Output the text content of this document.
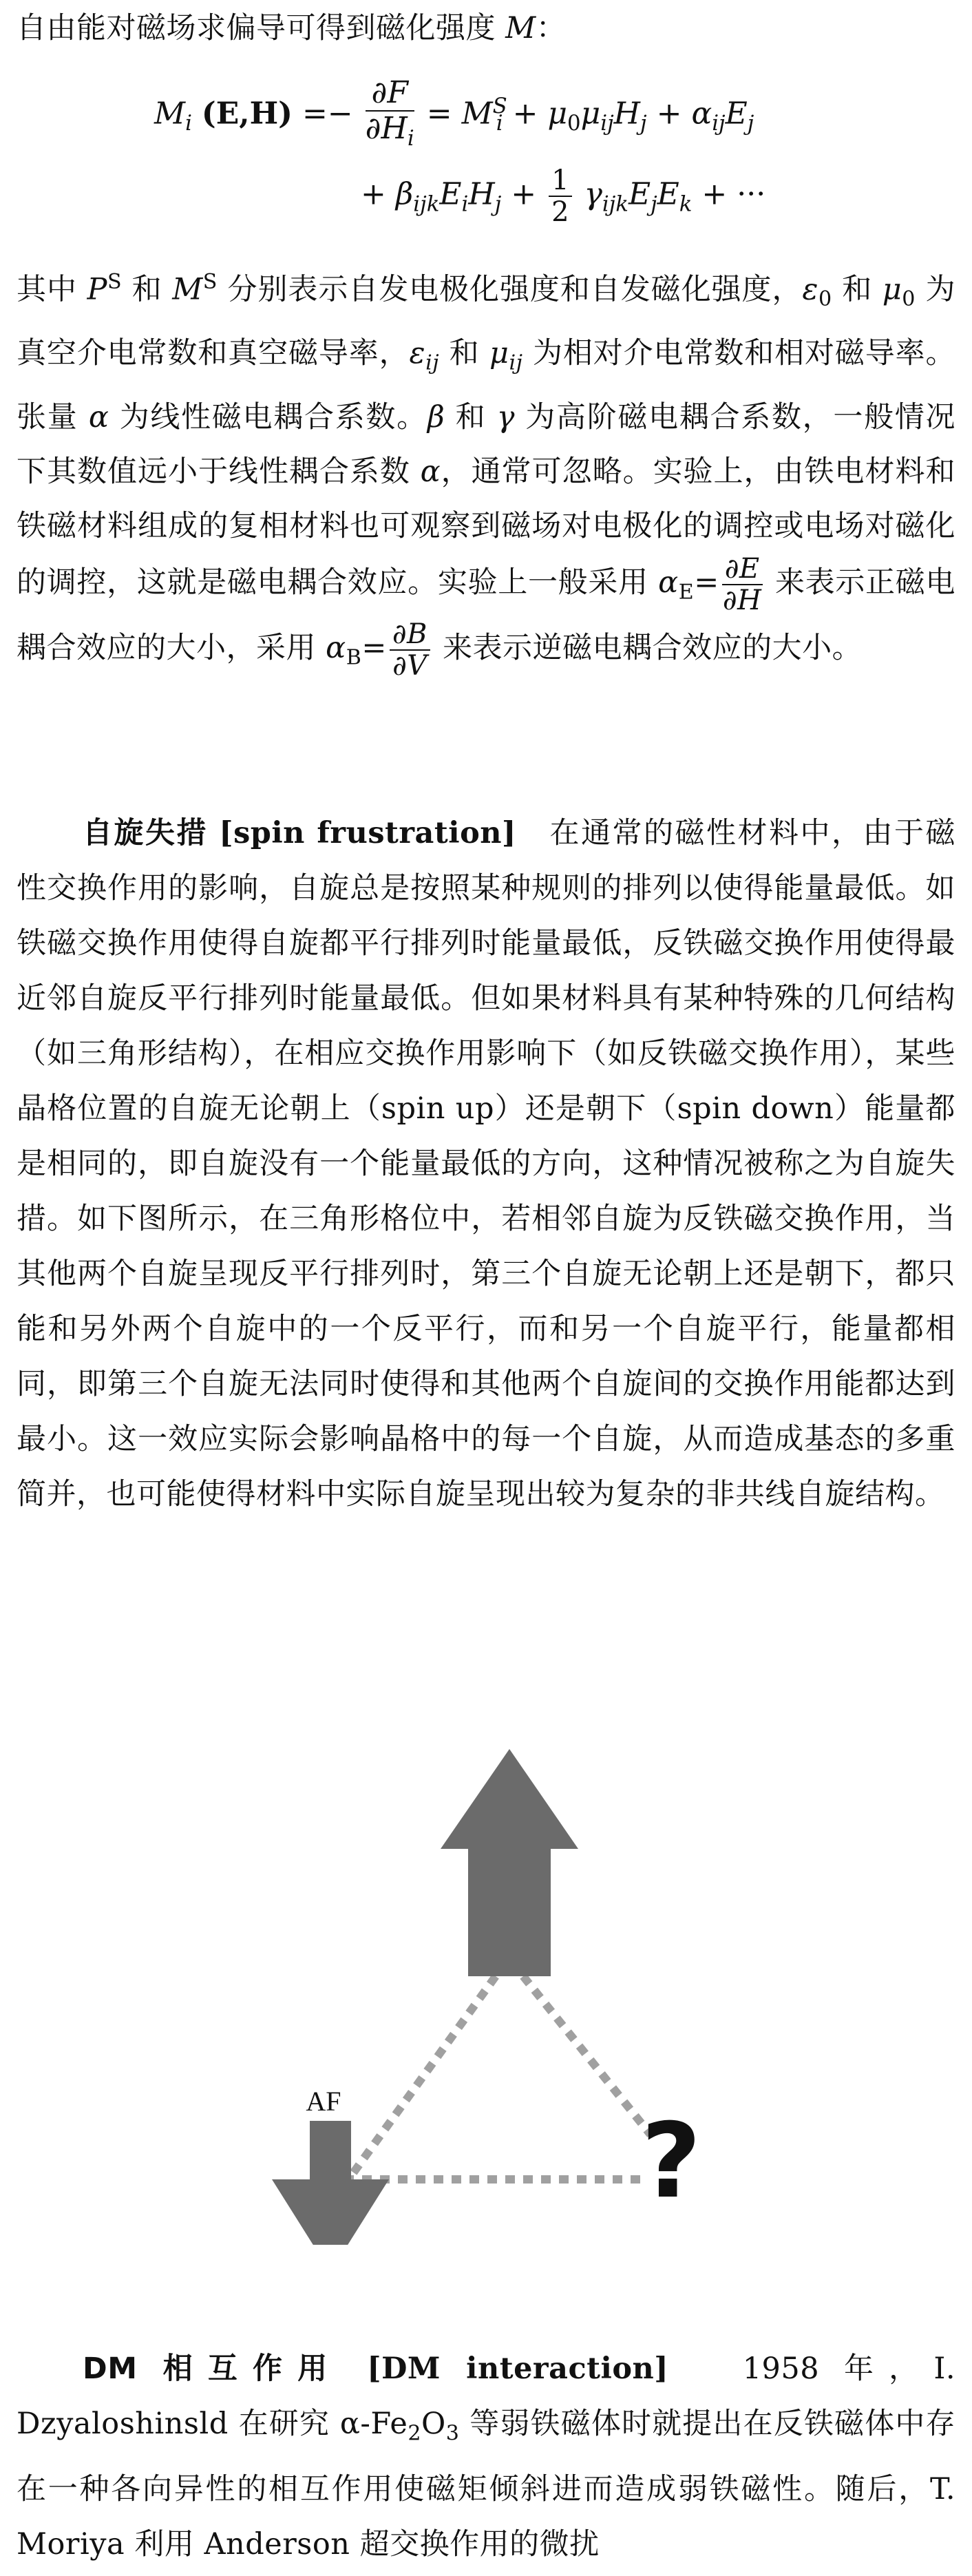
自由能对磁场求偏导可得到磁化强度 M：

$M_i$ $(E,H) =- \frac{\partial F}{\partial H_i} = M^S_i + \mu_0\mu_{ij}H_j + \alpha_{ij}E_j$
+ $\beta_{ijk}E_iH_j + \frac{1}{2} \gamma_{ijk}E_jE_k$ + ···

其中 $P^S$ 和 $M^S$ 分别表示自发电极化强度和自发磁化强度，$\varepsilon_0$ 和 $\mu_0$ 为真空介电常数和真空磁导率，$\varepsilon_{ij}$ 和 $\mu_{ij}$ 为相对介电常数和相对磁导率。张量 α 为线性磁电耦合系数。β 和 γ 为高阶磁电耦合系数，一般情况下其数值远小于线性耦合系数 α，通常可忽略。实验上，由铁电材料和铁磁材料组成的复相材料也可观察到磁场对电极化的调控或电场对磁化的调控，这就是磁电耦合效应。实验上一般采用 $\alpha_E= \frac{\partial E}{\partial H}$ 来表示正磁电耦合效应的大小，采用 $\alpha_B= \frac{\partial B}{\partial V}$ 来表示逆磁电耦合效应的大小。

自旋失措 [spin frustration] 在通常的磁性材料中，由于磁性交换作用的影响，自旋总是按照某种规则的排列以使得能量最低。如铁磁交换作用使得自旋都平行排列时能量最低，反铁磁交换作用使得最近邻自旋反平行排列时能量最低。但如果材料具有某种特殊的几何结构（如三角形结构），在相应交换作用影响下（如反铁磁交换作用），某些晶格位置的自旋无论朝上（spin up）还是朝下（spin down）能量都是相同的，即自旋没有一个能量最低的方向，这种情况被称之为自旋失措。如下图所示，在三角形格位中，若相邻自旋为反铁磁交换作用，当其他两个自旋呈现反平行排列时，第三个自旋无论朝上还是朝下，都只能和另外两个自旋中的一个反平行，而和另一个自旋平行，能量都相同，即第三个自旋无法同时使得和其他两个自旋间的交换作用能都达到最小。这一效应实际会影响晶格中的每一个自旋，从而造成基态的多重简并，也可能使得材料中实际自旋呈现出较为复杂的非共线自旋结构。

AF
?

DM 相互作用 [DM interaction]	1958 年，I. Dzyaloshinsld 在研究 $\alpha-Fe_2O_3$ 等弱铁磁体时就提出在反铁磁体中存在一种各向异性的相互作用使磁矩倾斜进而造成弱铁磁性。随后，T. Moriya 利用 Anderson 超交换作用的微扰
